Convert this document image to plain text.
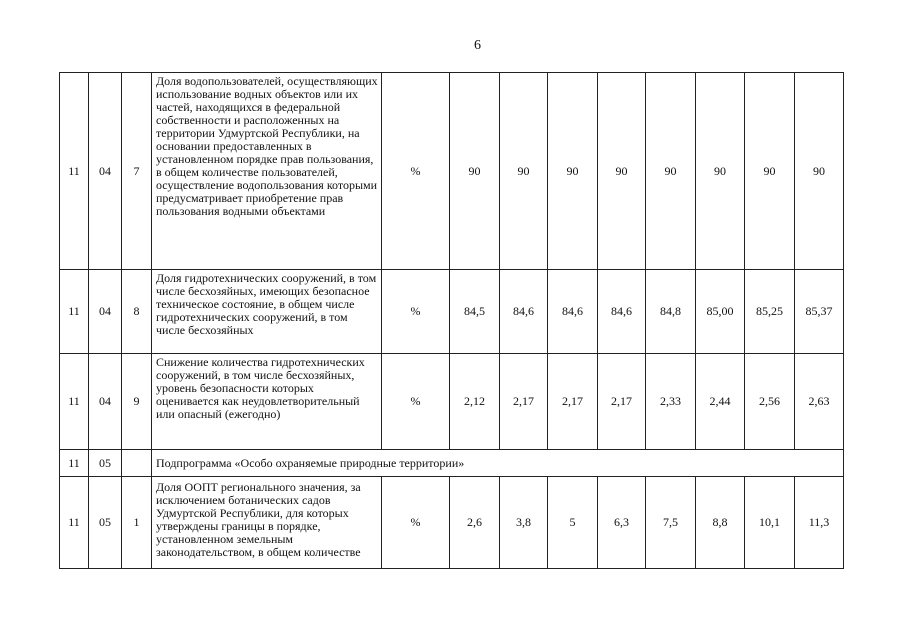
6
11	04	7	Доля водопользователей, осуществляющих использование водных объектов или их частей, находящихся в федеральной собственности и расположенных на территории Удмуртской Республики, на основании предоставленных в установленном порядке прав пользования, в общем количестве пользователей, осуществление водопользования которыми предусматривает приобретение прав пользования водными объектами	%	90	90	90	90	90	90	90	90
11	04	8	Доля гидротехнических сооружений, в том числе бесхозяйных, имеющих безопасное техническое состояние, в общем числе гидротехнических сооружений, в том числе бесхозяйных	%	84,5	84,6	84,6	84,6	84,8	85,00	85,25	85,37
11	04	9	Снижение количества гидротехнических сооружений, в том числе бесхозяйных, уровень безопасности которых оценивается как неудовлетворительный или опасный (ежегодно)	%	2,12	2,17	2,17	2,17	2,33	2,44	2,56	2,63
11	05		Подпрограмма «Особо охраняемые природные территории»									
11	05	1	Доля ООПТ регионального значения, за исключением ботанических садов Удмуртской Республики, для которых утверждены границы в порядке, установленном земельным законодательством, в общем количестве	%	2,6	3,8	5	6,3	7,5	8,8	10,1	11,3
